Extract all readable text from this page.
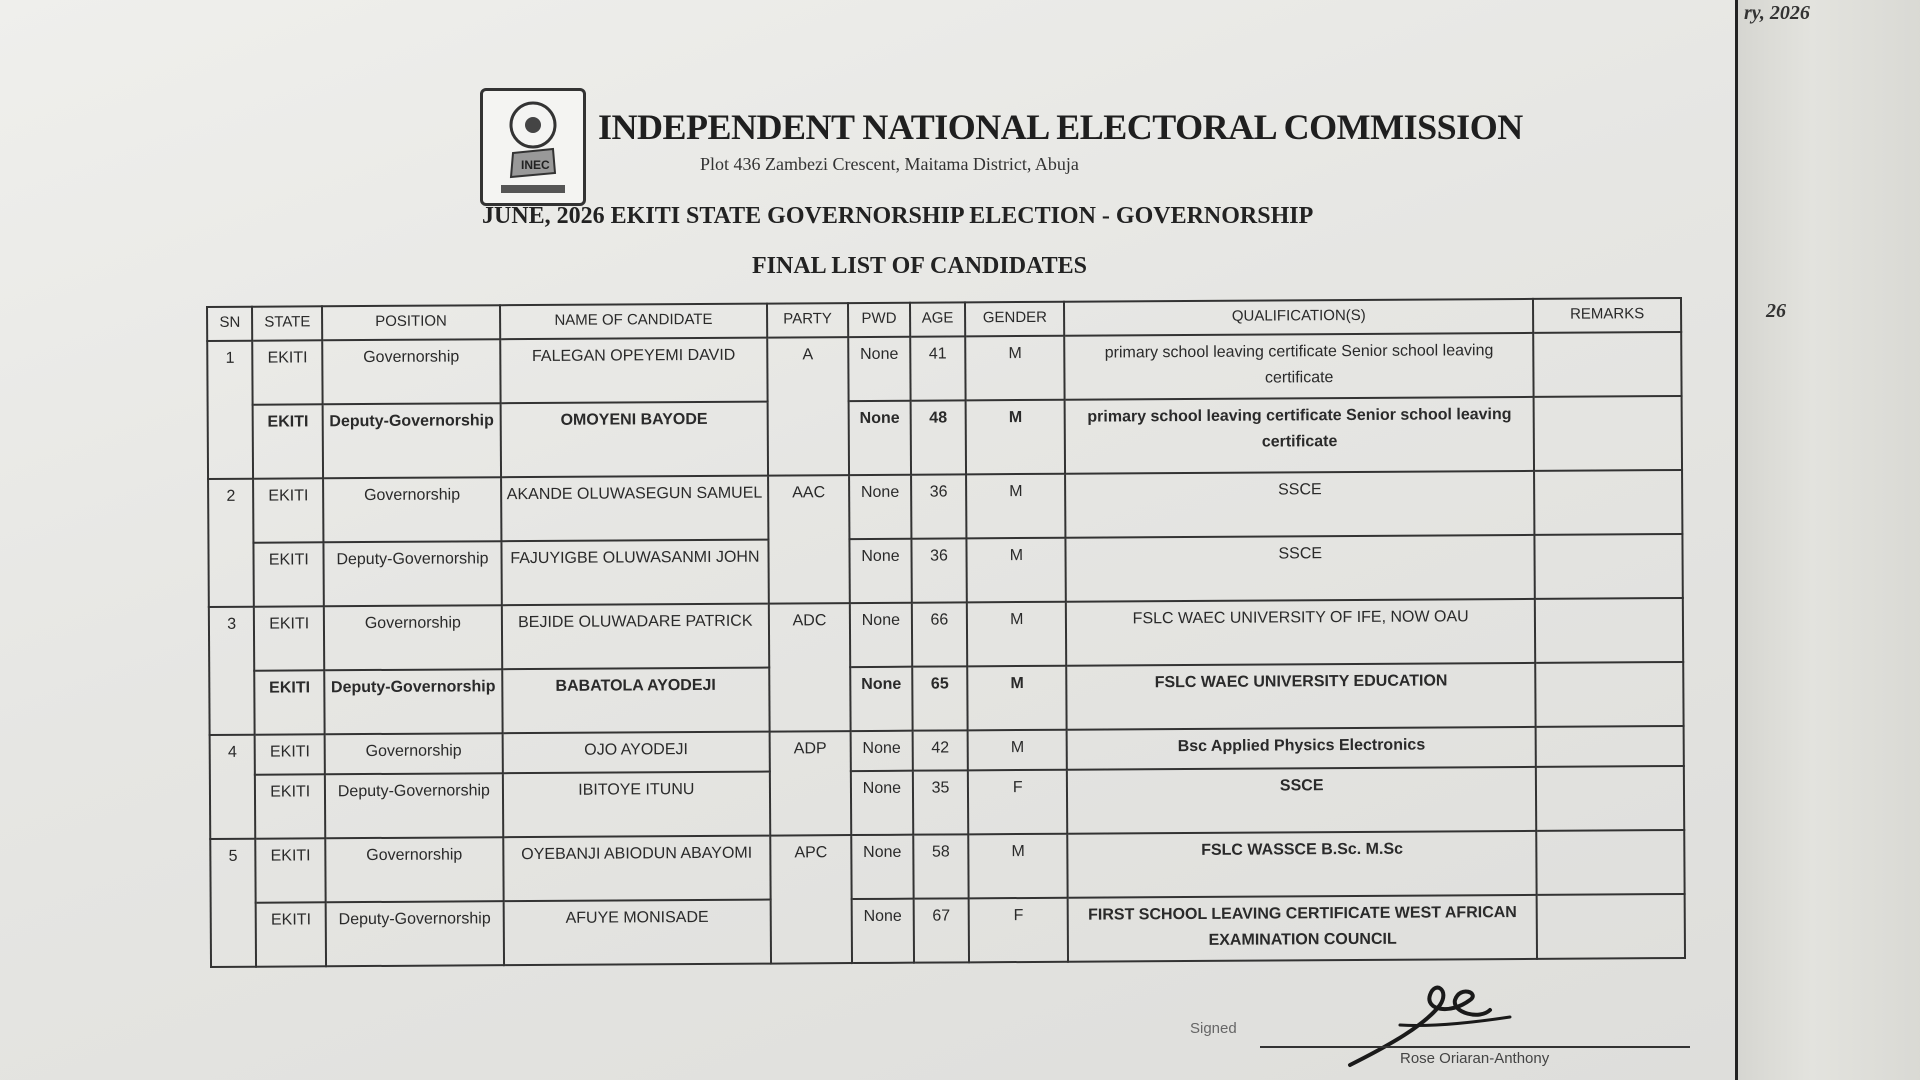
INEC
INDEPENDENT NATIONAL ELECTORAL COMMISSION
Plot 436 Zambezi Crescent, Maitama District, Abuja
JUNE, 2026 EKITI STATE GOVERNORSHIP ELECTION - GOVERNORSHIP
FINAL LIST OF CANDIDATES
SN	STATE	POSITION	NAME OF CANDIDATE	PARTY	PWD	AGE	GENDER	QUALIFICATION(S)	REMARKS
1	EKITI	Governorship	FALEGAN OPEYEMI DAVID	A	None	41	M	primary school leaving certificate Senior school leaving certificate	
	EKITI	Deputy-Governorship	OMOYENI BAYODE		None	48	M	primary school leaving certificate Senior school leaving certificate	
2	EKITI	Governorship	AKANDE OLUWASEGUN SAMUEL	AAC	None	36	M	SSCE	
	EKITI	Deputy-Governorship	FAJUYIGBE OLUWASANMI JOHN		None	36	M	SSCE	
3	EKITI	Governorship	BEJIDE OLUWADARE PATRICK	ADC	None	66	M	FSLC WAEC UNIVERSITY OF IFE, NOW OAU	
	EKITI	Deputy-Governorship	BABATOLA AYODEJI		None	65	M	FSLC WAEC UNIVERSITY EDUCATION	
4	EKITI	Governorship	OJO AYODEJI	ADP	None	42	M	Bsc Applied Physics Electronics	
	EKITI	Deputy-Governorship	IBITOYE ITUNU		None	35	F	SSCE	
5	EKITI	Governorship	OYEBANJI ABIODUN ABAYOMI	APC	None	58	M	FSLC WASSCE B.Sc. M.Sc	
	EKITI	Deputy-Governorship	AFUYE MONISADE		None	67	F	FIRST SCHOOL LEAVING CERTIFICATE WEST AFRICAN EXAMINATION COUNCIL	
Signed
Rose Oriaran-Anthony
ry, 2026
26
